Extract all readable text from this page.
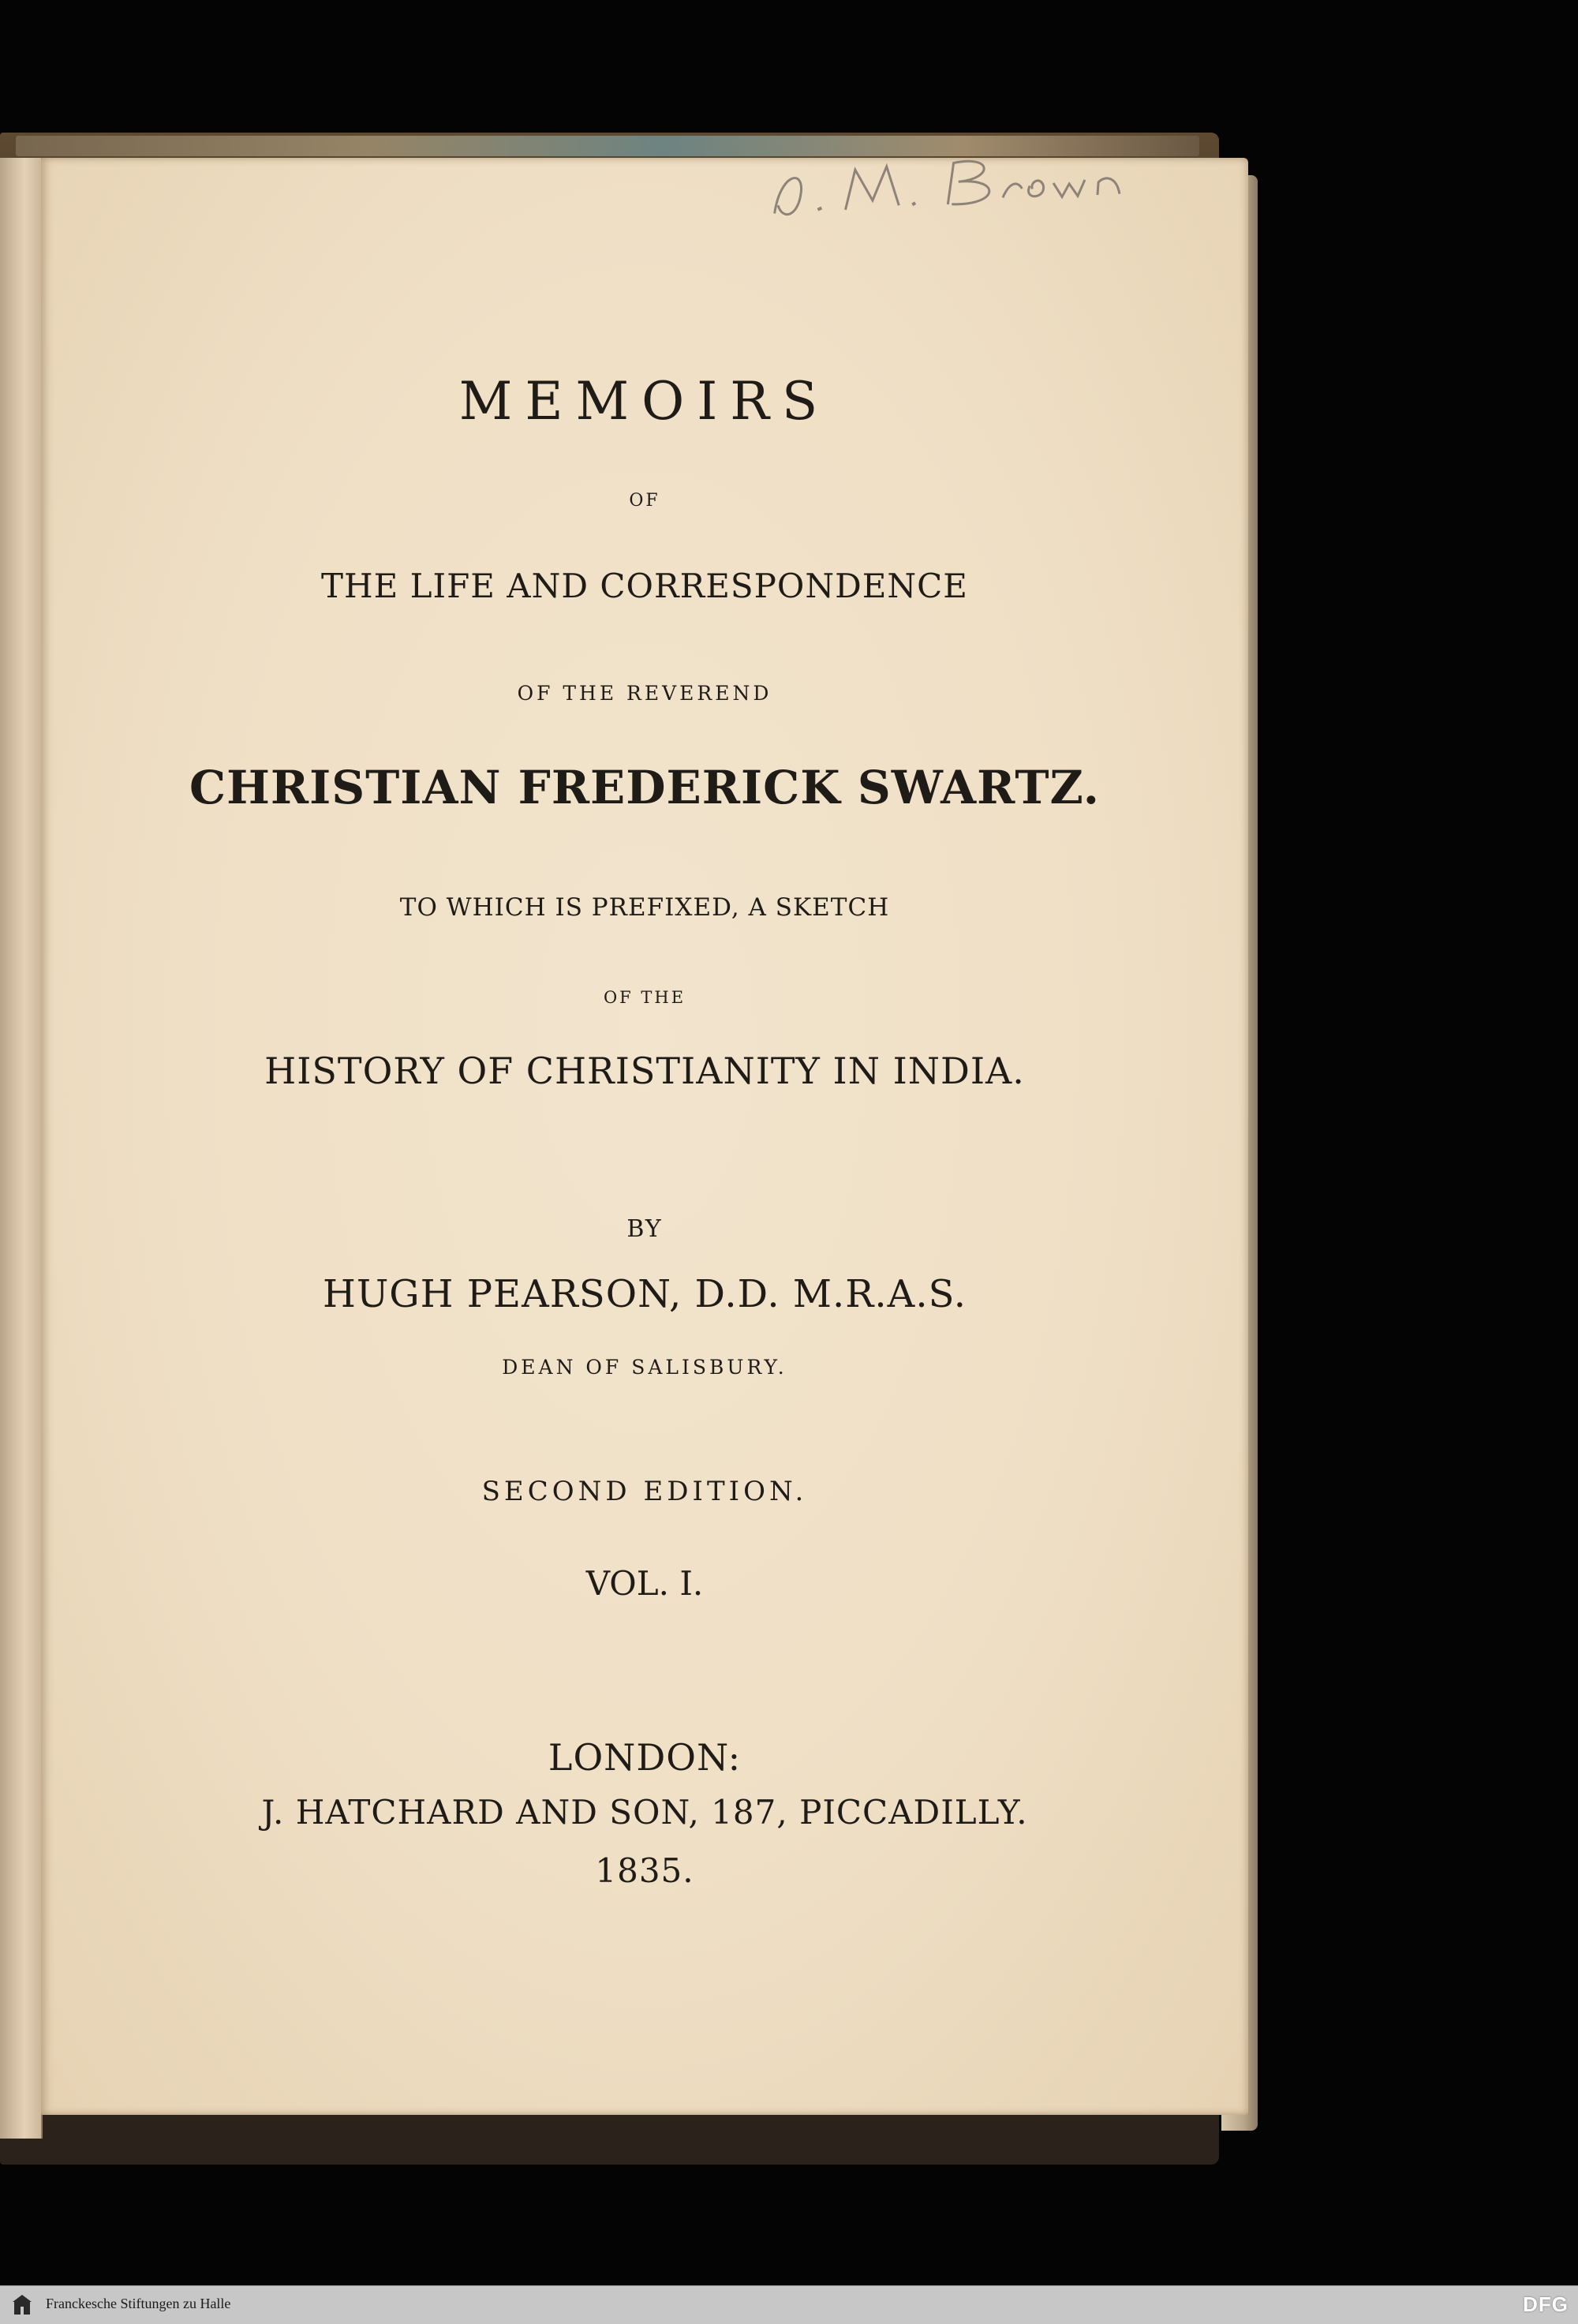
MEMOIRS
OF
THE LIFE AND CORRESPONDENCE
OF THE REVEREND
CHRISTIAN FREDERICK SWARTZ.
TO WHICH IS PREFIXED, A SKETCH
OF THE
HISTORY OF CHRISTIANITY IN INDIA.
BY
HUGH PEARSON, D.D. M.R.A.S.
DEAN OF SALISBURY.
SECOND EDITION.
VOL. I.
LONDON:
J. HATCHARD AND SON, 187, PICCADILLY.
1835.
Franckesche Stiftungen zu Halle	DFG
